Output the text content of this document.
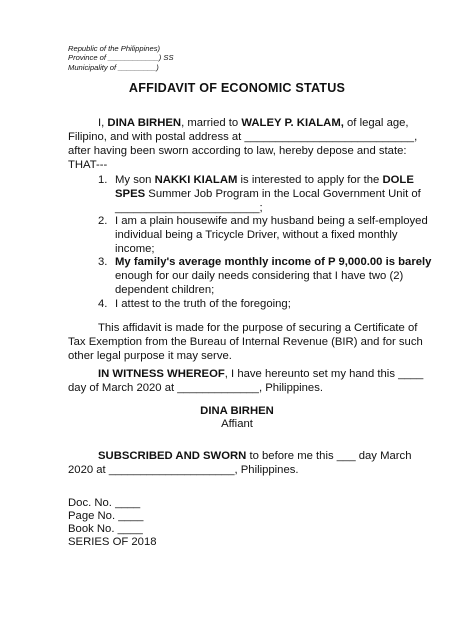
Republic of the Philippines)
Province of ____________) SS
Municipality of _________)
AFFIDAVIT OF ECONOMIC STATUS
I, DINA BIRHEN, married to WALEY P. KIALAM, of legal age,
Filipino, and with postal address at ___________________________,
after having been sworn according to law, hereby depose and state:
THAT---
1. My son NAKKI KIALAM is interested to apply for the DOLE
SPES Summer Job Program in the Local Government Unit of
_______________________;
2. I am a plain housewife and my husband being a self-employed
individual being a Tricycle Driver, without a fixed monthly
income;
3. My family's average monthly income of P 9,000.00 is barely
enough for our daily needs considering that I have two (2)
dependent children;
4. I attest to the truth of the foregoing;
This affidavit is made for the purpose of securing a Certificate of
Tax Exemption from the Bureau of Internal Revenue (BIR) and for such
other legal purpose it may serve.
IN WITNESS WHEREOF, I have hereunto set my hand this ____
day of March 2020 at _____________, Philippines.
DINA BIRHEN
Affiant
SUBSCRIBED AND SWORN to before me this ___ day March
2020 at ____________________, Philippines.
Doc. No. ____
Page No. ____
Book No. ____
SERIES OF 2018
